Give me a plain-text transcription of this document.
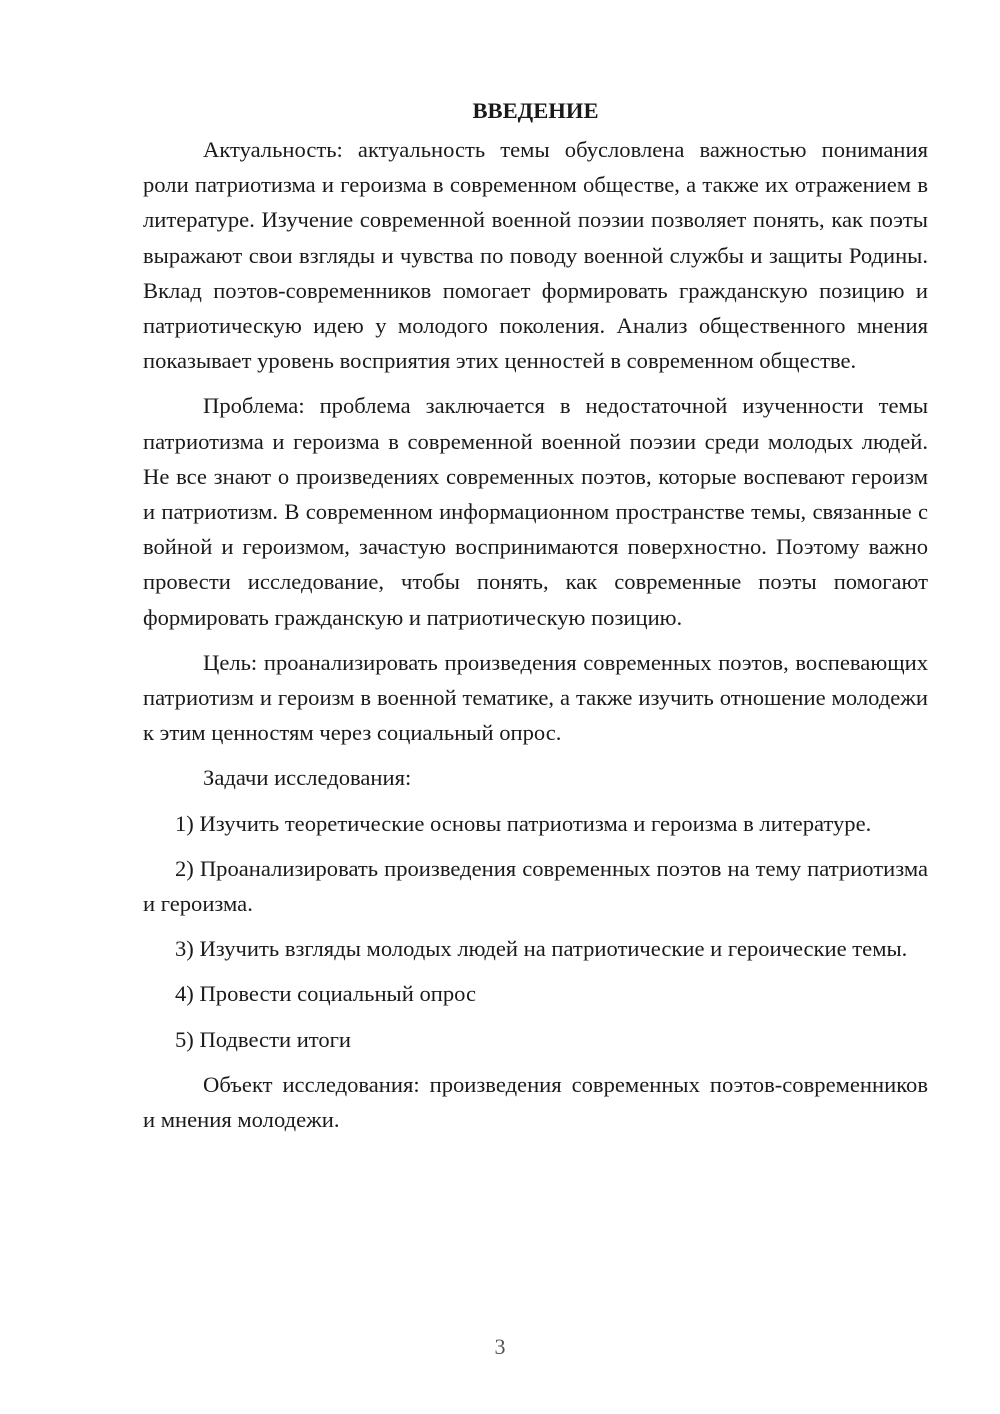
ВВЕДЕНИЕ

Актуальность: актуальность темы обусловлена важностью понимания роли патриотизма и героизма в современном обществе, а также их отражением в литературе. Изучение современной военной поэзии позволяет понять, как поэты выражают свои взгляды и чувства по поводу военной службы и защиты Родины. Вклад поэтов-современников помогает формировать гражданскую позицию и патриотическую идею у молодого поколения. Анализ общественного мнения показывает уровень восприятия этих ценностей в современном обществе.

Проблема: проблема заключается в недостаточной изученности темы патриотизма и героизма в современной военной поэзии среди молодых людей. Не все знают о произведениях современных поэтов, которые воспевают героизм и патриотизм. В современном информационном пространстве темы, связанные с войной и героизмом, зачастую воспринимаются поверхностно. Поэтому важно провести исследование, чтобы понять, как современные поэты помогают формировать гражданскую и патриотическую позицию.

Цель: проанализировать произведения современных поэтов, воспевающих патриотизм и героизм в военной тематике, а также изучить отношение молодежи к этим ценностям через социальный опрос.

Задачи исследования:

1) Изучить теоретические основы патриотизма и героизма в литературе.

2) Проанализировать произведения современных поэтов на тему патриотизма и героизма.

3) Изучить взгляды молодых людей на патриотические и героические темы.

4) Провести социальный опрос

5) Подвести итоги

Объект исследования: произведения современных поэтов-современников и мнения молодежи.

3
